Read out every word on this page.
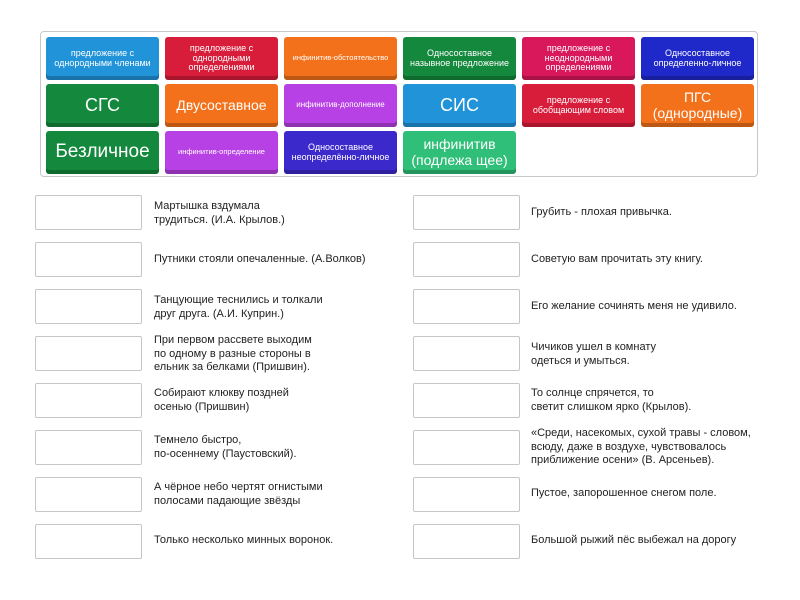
предложение с однородными членами
предложение с однородными определениями
инфинитив-обстоятельство
Односоставное назывное предложение
предложение с неоднородными определениями
Односоставное определенно-личное
СГС	Двусоставное	инфинитив-дополнение	СИС	предложение с обобщающим словом
ПГС (однородные)
Безличное	инфинитив-определение
Односоставное неопределённо-личное
инфинитив (подлежа щее)
Мартышка вздумала
трудиться. (И.А. Крылов.)
Путники стояли опечаленные. (А.Волков)
Танцующие теснились и толкали
друг друга. (А.И. Куприн.)
При первом рассвете выходим
по одному в разные стороны в
ельник за белками (Пришвин).
Собирают клюкву поздней
осенью (Пришвин)
Темнело быстро,
по-осеннему (Паустовский).
А чёрное небо чертят огнистыми
полосами падающие звёзды
Только несколько минных воронок.
Грубить - плохая привычка.
Советую вам прочитать эту книгу.
Его желание сочинять меня не удивило.
Чичиков ушел в комнату
одеться и умыться.
То солнце спрячется, то
светит слишком ярко (Крылов).
«Среди, насекомых, сухой травы - словом,
всюду, даже в воздухе, чувствовалось
приближение осени» (В. Арсеньев).
Пустое, запорошенное снегом поле.
Большой рыжий пёс выбежал на дорогу
